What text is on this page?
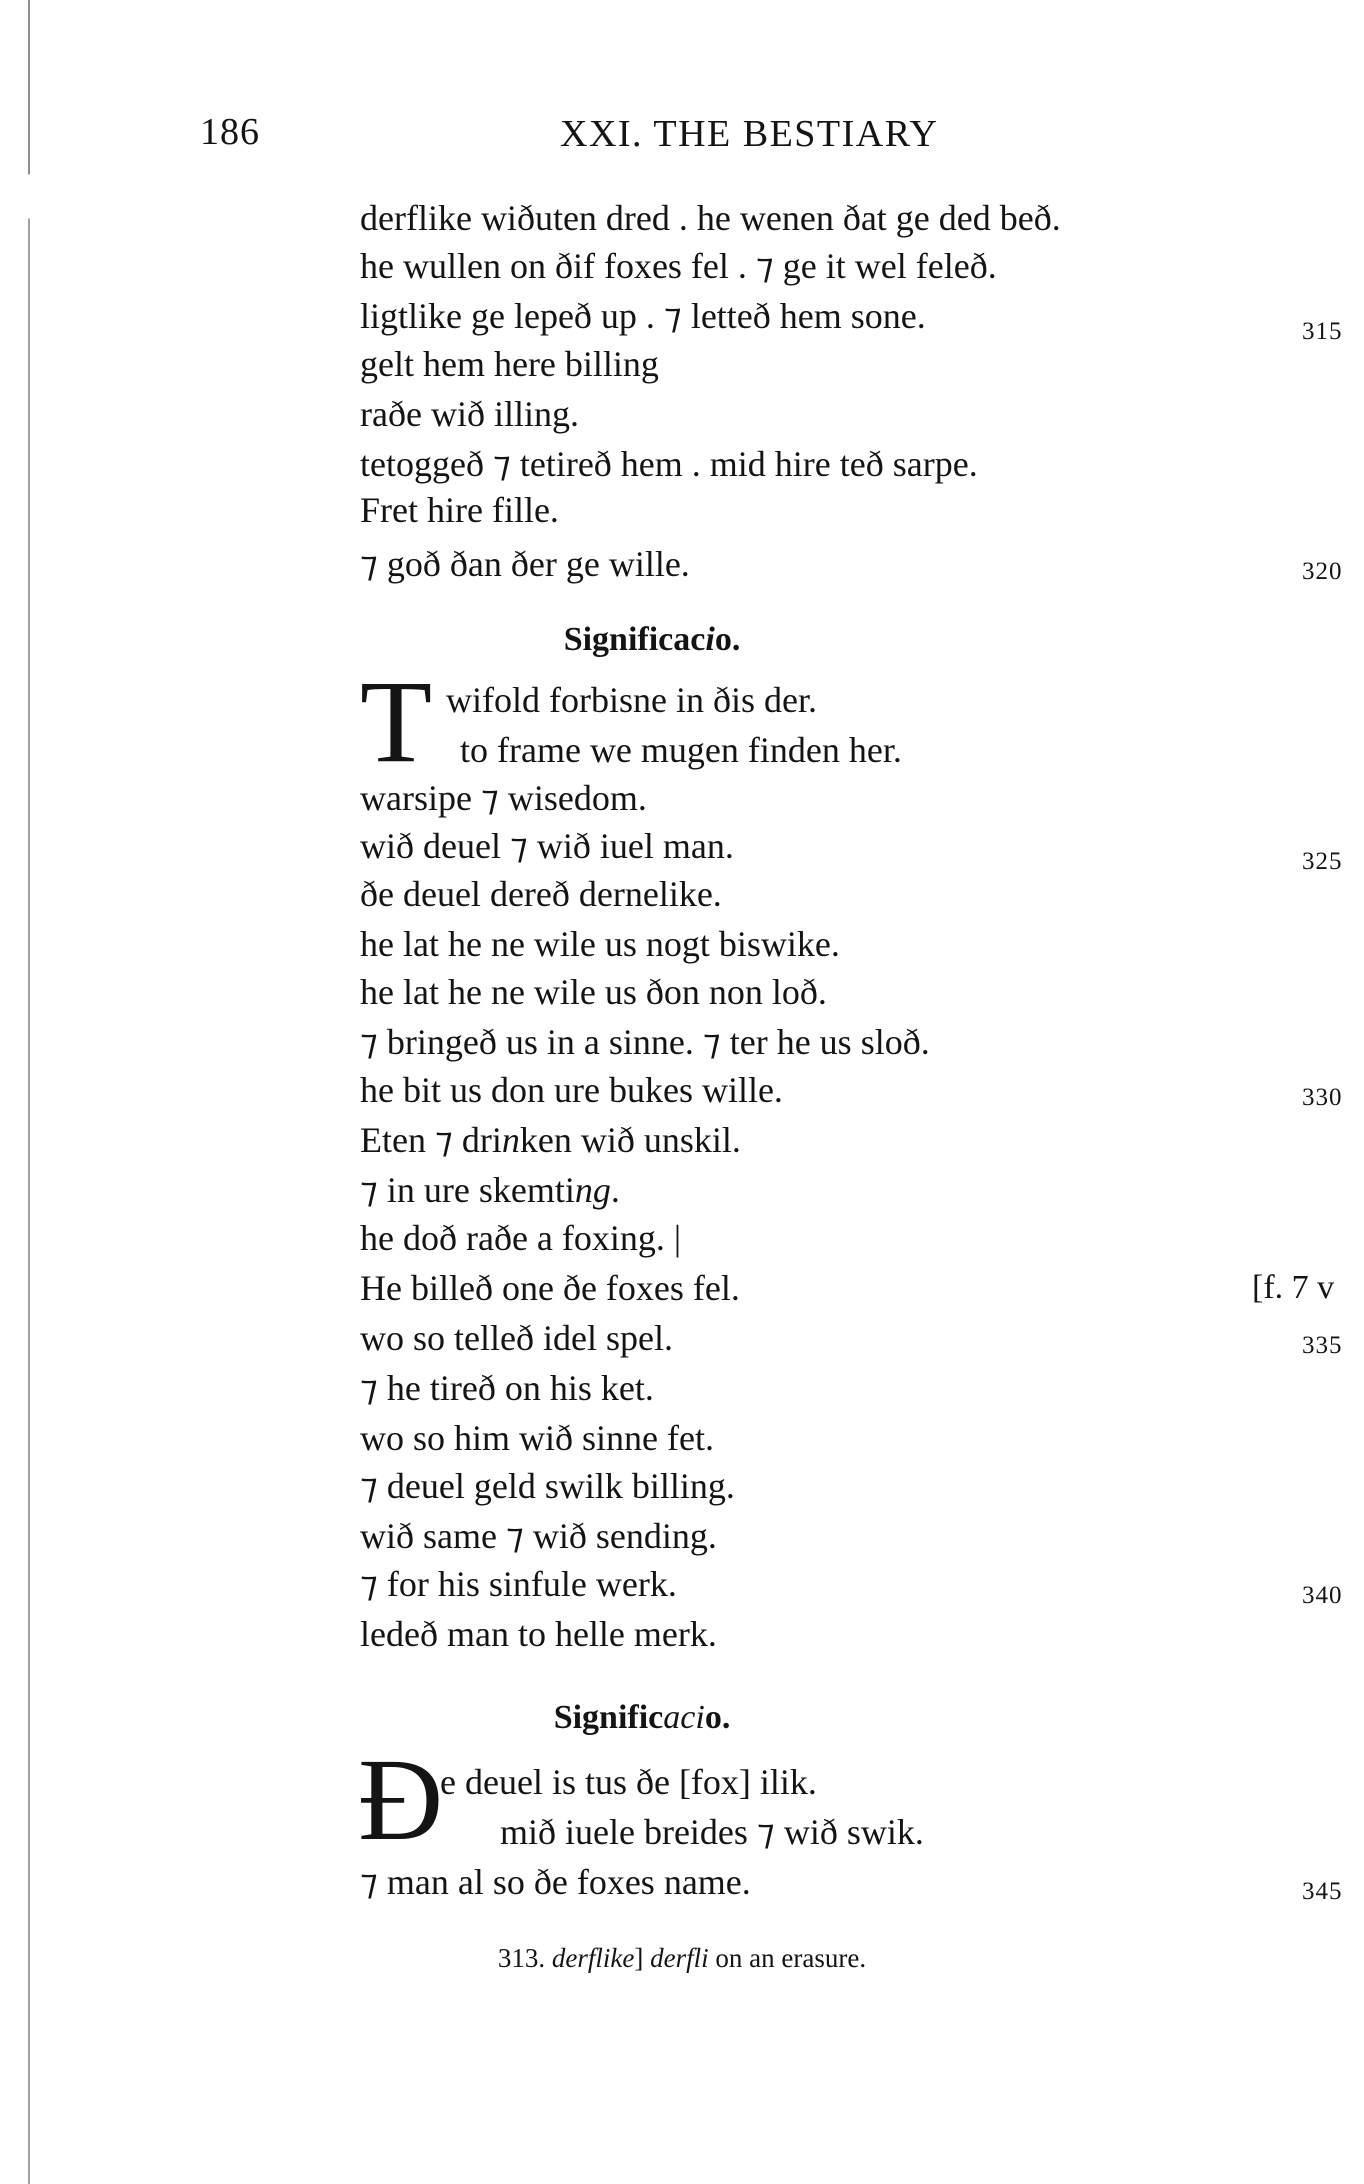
186	XXI. THE BESTIARY
derflike wiðuten dred . he wenen ðat ge ded beð.
he wullen on ðif foxes fel . ⁊ ge it wel feleð.
ligtlike ge lepeð up . ⁊ letteð hem sone.	315
gelt hem here billing
raðe wið illing.
tetoggeð ⁊ tetireð hem . mid hire teð sarpe.
Fret hire fille.
⁊ goð ðan ðer ge wille.	320
Significacio.
T wifold forbisne in ðis der.
to frame we mugen finden her.
warsipe ⁊ wisedom.
wið deuel ⁊ wið iuel man.	325
ðe deuel dereð dernelike.
he lat he ne wile us nogt biswike.
he lat he ne wile us ðon non loð.
⁊ bringeð us in a sinne. ⁊ ter he us sloð.
he bit us don ure bukes wille.	330
Eten ⁊ drinken wið unskil.
⁊ in ure skemting.
he doð raðe a foxing. |
He billeð one ðe foxes fel.	[f. 7 v
wo so telleð idel spel.	335
⁊ he tireð on his ket.
wo so him wið sinne fet.
⁊ deuel geld swilk billing.
wið same ⁊ wið sending.
⁊ for his sinfule werk.	340
ledeð man to helle merk.
Significacio.
Ð
e deuel is tus ðe [fox] ilik.
mið iuele breides ⁊ wið swik.
⁊ man al so ðe foxes name.	345
313. derflike] derfli on an erasure.
